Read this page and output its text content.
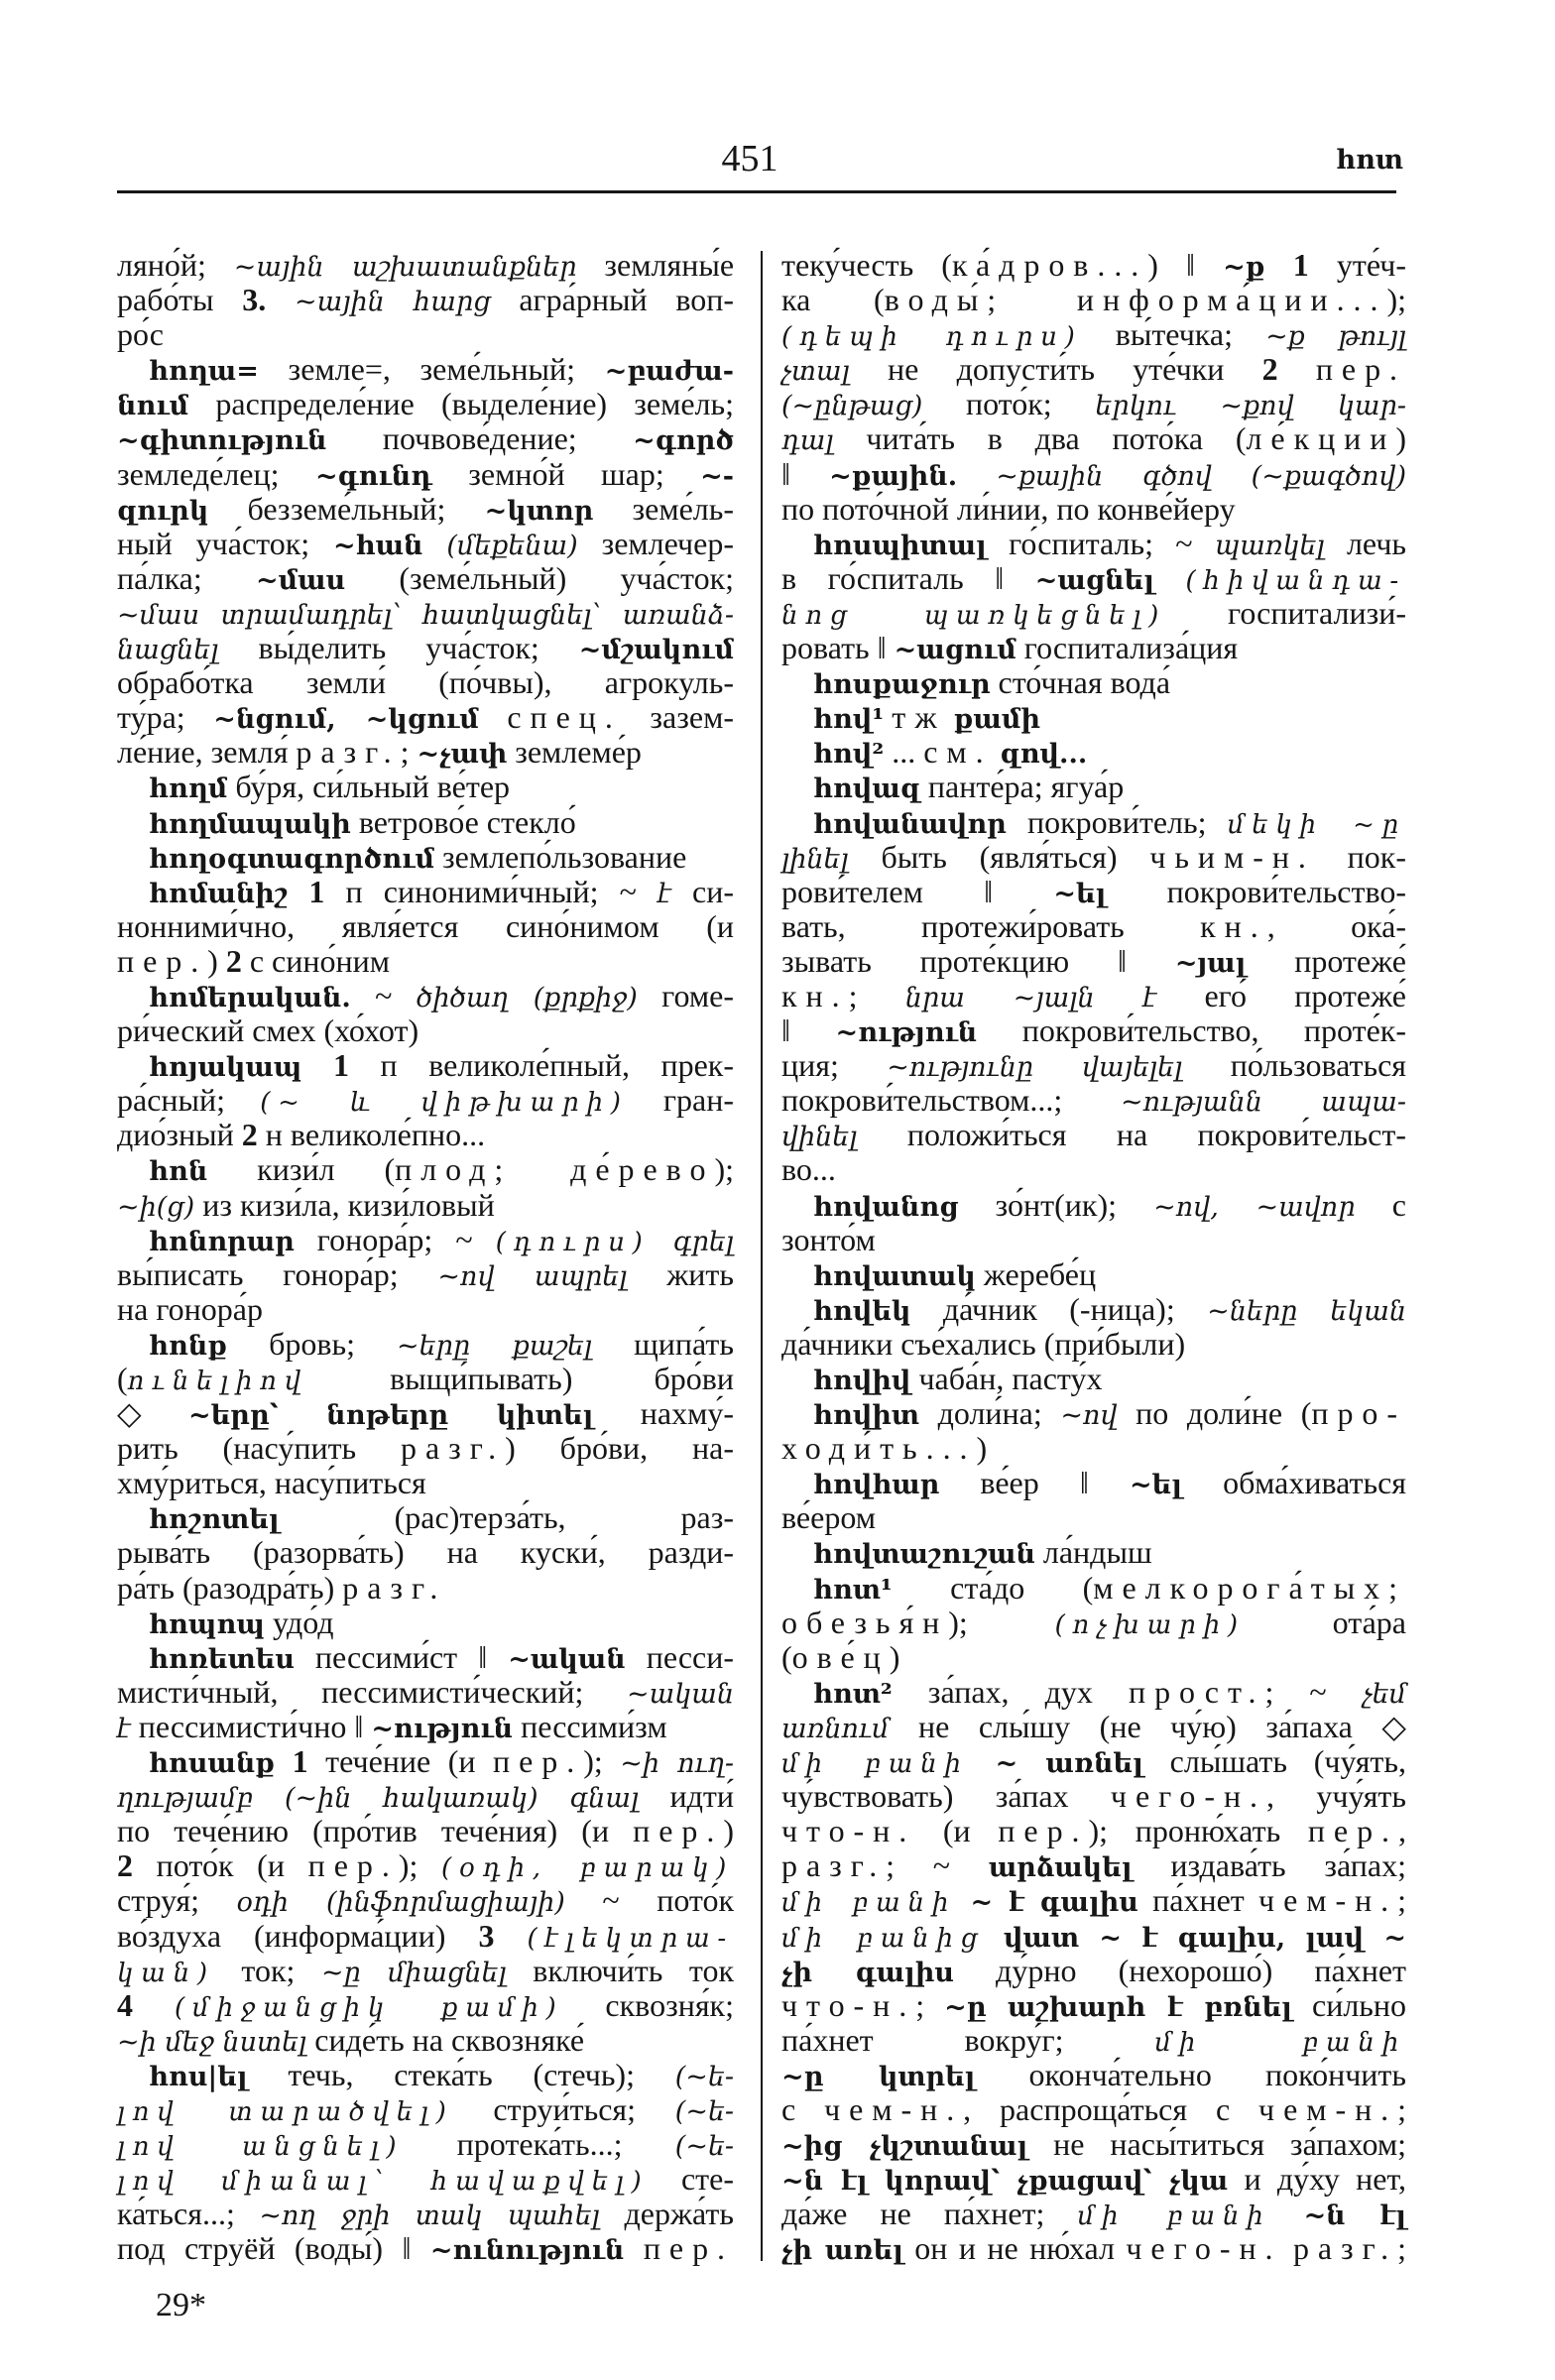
451	հոտ
ляно́й; ~ային աշխատանքներ земляны́е
рабо́ты 3. ~ային հարց агра́рный воп-
ро́с
հողա= земле=, земе́льный; ~բաժա-
նում распределе́ние (выделе́ние) земе́ль;
~գիտություն почвове́дение; ~գործ
земледе́лец; ~գունդ земно́й шар; ~-
զուրկ безземе́льный; ~կտոր земе́ль-
ный уча́сток; ~հան (մեքենա) землечер-
па́лка; ~մաս (земе́льный) уча́сток;
~մաս տրամադրել՝ հատկացնել՝ առանձ-
նացնել вы́делить уча́сток; ~մշակում
обрабо́тка земли́ (по́чвы), агрокуль-
ту́ра; ~նցում, ~կցում спец. зазем-
ле́ние, земля́ разг.; ~չափ землеме́р
հողմ бу́ря, си́льный ве́тер
հողմապակի ветрово́е стекло́
հողօգտագործում землепо́льзование
հոմանիշ 1 п синоними́чный; ~ է си-
нонними́чно, явля́ется сино́нимом (и
пер.) 2 с сино́ним
հոմերական. ~ ծիծաղ (քրքիջ) гоме-
ри́ческий смех (хо́хот)
հոյակապ 1 п великоле́пный, прек-
ра́сный; (~ և վիթխարի) гран-
дио́зный 2 н великоле́пно...
հոն кизи́л (плод; де́рево);
~ի(ց) из кизи́ла, кизи́ловый
հոնորար гонора́р; ~ (դուրս) գրել
вы́писать гонора́р; ~ով ապրել жить
на гонора́р
հոնք бровь; ~երը քաշել щипа́ть
(ունելիով выщи́пывать) бро́ви
◇ ~երը՝ նոթերը կիտել нахму́-
рить (насу́пить разг.) бро́ви, на-
хму́риться, насу́питься
հոշոտել (рас)терза́ть, раз-
рыва́ть (разорва́ть) на куски́, разди-
ра́ть (разодра́ть) разг.
հոպոպ удо́д
հոռետես пессими́ст ‖ ~ական песси-
мисти́чный, пессимисти́ческий; ~ական
է пессимисти́чно ‖ ~ություն пессими́зм
հոսանք 1 тече́ние (и пер.); ~ի ուղ-
ղությամբ (~ին հակառակ) գնալ идти́
по тече́нию (про́тив тече́ния) (и пер.)
2 пото́к (и пер.); (օդի, բարակ)
струя́; օդի (ինֆորմացիայի) ~ пото́к
во́здуха (информа́ции) 3 (էլեկտրա-
կան) ток; ~ը միացնել включи́ть ток
4 (միջանցիկ քամի) сквозня́к;
~ի մեջ նստել сиде́ть на сквозняке́
հոս|ել течь, стека́ть (стечь); (~ե-
լով տարածվել) струи́ться; (~ե-
լով անցնել) протека́ть...; (~ե-
լով միանալ՝ հավաքվել) сте-
ка́ться...; ~ող ջրի տակ պահել держа́ть
под струёй (воды́) ‖ ~ունություն пер.
теку́честь (ка́дров...) ‖ ~ք 1 уте́ч-
ка (воды́; информа́ции...);
(դեպի դուրս) вы́течка; ~ք թույլ
չտալ не допусти́ть уте́чки 2 пер.
(~ընթաց) пото́к; երկու ~քով կար-
դալ чита́ть в два пото́ка (ле́кции)
‖ ~քային. ~քային գծով (~քագծով)
по пото́чной ли́нии, по конве́йеру
հոսպիտալ го́спиталь; ~ պառկել лечь
в го́спиталь ‖ ~ացնել (հիվանդա-
նոց պառկեցնել) госпитализи́-
ровать ‖ ~ացում госпитализа́ция
հոսքաջուր сто́чная вода́
հով¹ тж քամի
հով² ... см. զով...
հովազ панте́ра; ягуа́р
հովանավոր покрови́тель; մեկի ~ը
լինել быть (явля́ться) чьим-н. пок-
рови́телем ‖ ~ել покрови́тельство-
вать, протежи́ровать кн., ока́-
зывать проте́кцию ‖ ~յալ протеже́
кн.; նրա ~յալն է его́ протеже́
‖ ~ություն покрови́тельство, проте́к-
ция; ~ությունը վայելել по́льзоваться
покрови́тельством...; ~ությանն ապա-
վինել положи́ться на покрови́тельст-
во...
հովանոց зо́нт(ик); ~ով, ~ավոր с
зонто́м
հովատակ жеребе́ц
հովեկ да́чник (-ница); ~ները եկան
да́чники съе́хались (при́были)
հովիվ чаба́н, пасту́х
հովիտ доли́на; ~ով по доли́не (про-
ходи́ть...)
հովհար ве́ер ‖ ~ել обма́хиваться
ве́ером
հովտաշուշան ла́ндыш
հոտ¹ ста́до (мелкорога́тых;
обезья́н); (ոչխարի) ота́ра
(ове́ц)
հոտ² за́пах, дух прост.; ~ չեմ
առնում не слы́шу (не чу́ю) за́паха ◇
մի բանի ~ առնել слы́шать (чу́ять,
чу́вствовать) за́пах чего-н., учу́ять
что-н. (и пер.); проню́хать пер.,
разг.; ~ արձակել издава́ть за́пах;
մի բանի ~ է գալիս па́хнет чем-н.;
մի բանից վատ ~ է գալիս, լավ ~
չի գալիս ду́рно (нехорошо́) па́хнет
что-н.; ~ը աշխարհ է բռնել си́льно
па́хнет вокру́г; մի բանի
~ը կտրել оконча́тельно поко́нчить
с чем-н., распроща́ться с чем-н.;
~ից չկշտանալ не насы́титься за́пахом;
~ն էլ կորավ՝ չքացավ՝ չկա и ду́ху нет,
да́же не па́хнет; մի բանի ~ն էլ
չի առել он и не ню́хал чего-н. разг.;
29*
